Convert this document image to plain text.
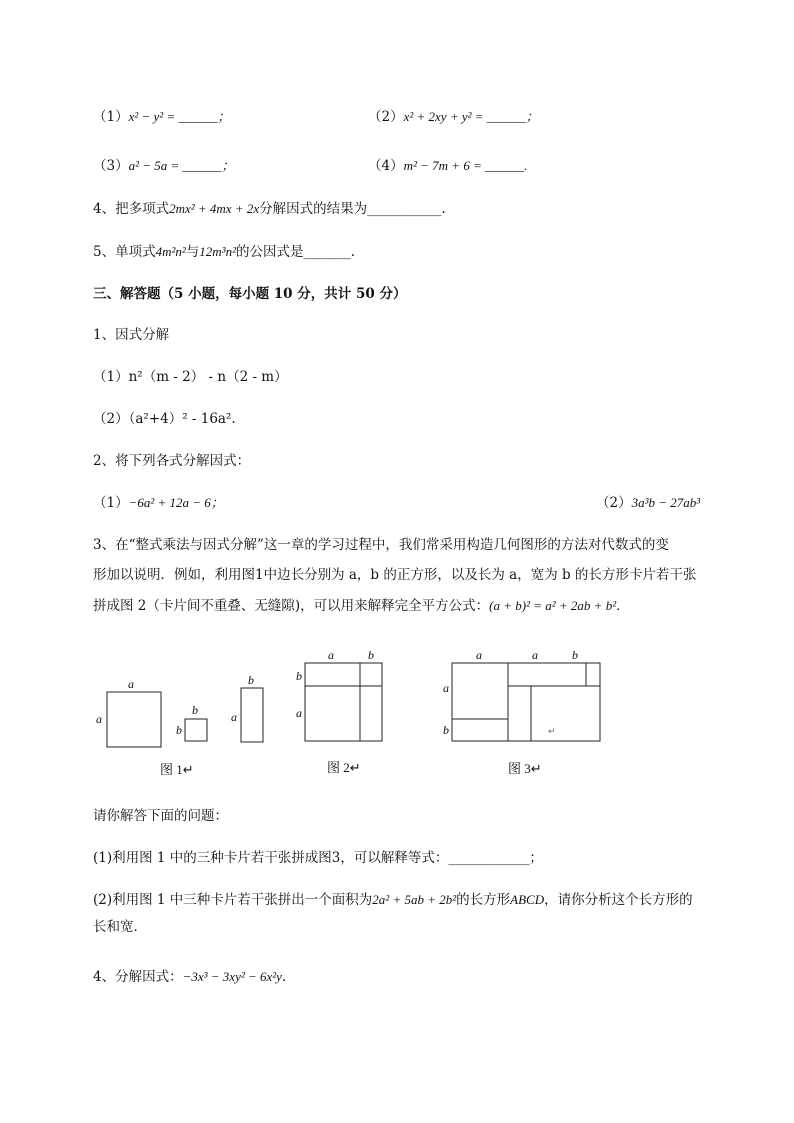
（1）x² − y² = ______；	（2）x² + 2xy + y² = ______；
（3）a² − 5a = ______；	（4）m² − 7m + 6 = ______.
4、把多项式2mx² + 4mx + 2x分解因式的结果为___________.
5、单项式4m²n²与12m³n²的公因式是_______.
三、解答题（5 小题，每小题 10 分，共计 50 分）
1、因式分解
（1）n²（m - 2） - n（2 - m）
（2）（a²+4）² - 16a².
2、将下列各式分解因式：
（1）−6a² + 12a − 6；	（2）3a³b − 27ab³
3、在“整式乘法与因式分解”这一章的学习过程中，我们常采用构造几何图形的方法对代数式的变
形加以说明．例如，利用图1中边长分别为 a，b 的正方形，以及长为 a，宽为 b 的长方形卡片若干张
拼成图 2（卡片间不重叠、无缝隙)，可以用来解释完全平方公式：(a + b)² = a² + 2ab + b²．
a
a
b
b
b
a
a	b
b
a
a	a	b
a
b	↵
图 1↵	图 2↵	图 3↵
请你解答下面的问题：
(1)利用图 1 中的三种卡片若干张拼成图3，可以解释等式：____________；
(2)利用图 1 中三种卡片若干张拼出一个面积为2a² + 5ab + 2b²的长方形ABCD，请你分析这个长方形的
长和宽．
4、分解因式：−3x³ − 3xy² − 6x²y．
